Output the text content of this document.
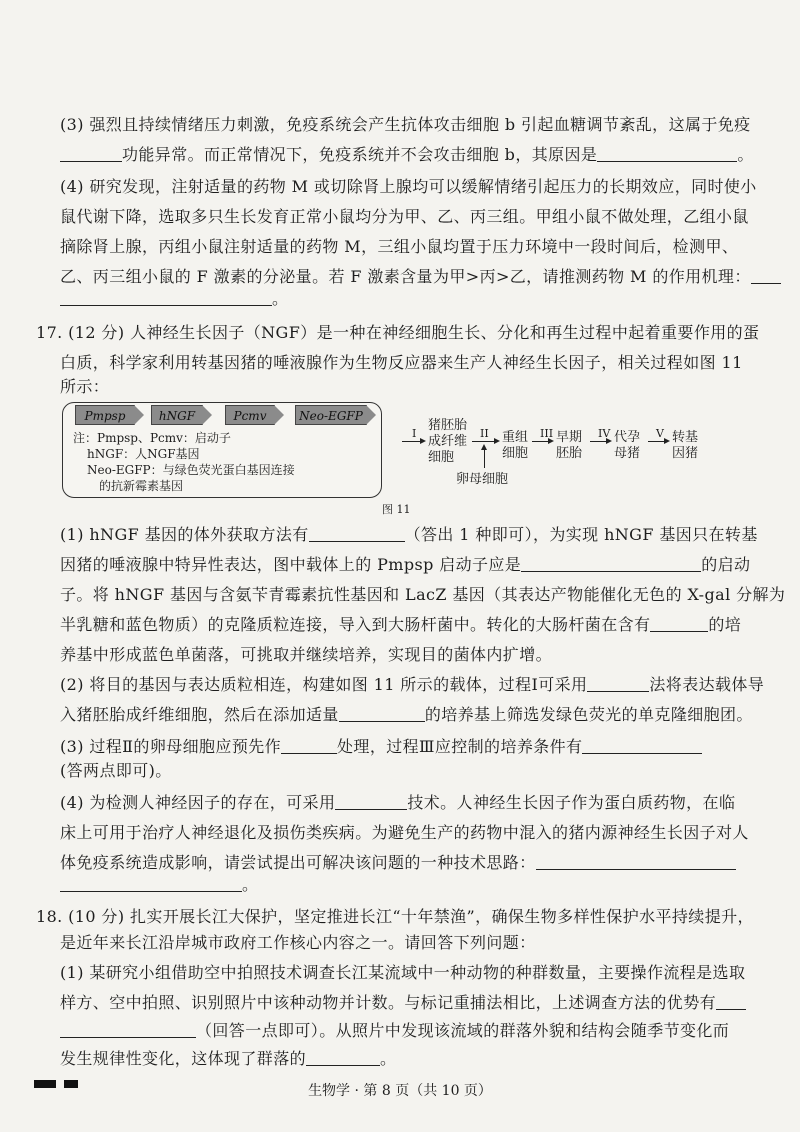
(3) 强烈且持续情绪压力刺激，免疫系统会产生抗体攻击细胞 b 引起血糖调节紊乱，这属于免疫
功能异常。而正常情况下，免疫系统并不会攻击细胞 b，其原因是	。
(4) 研究发现，注射适量的药物 M 或切除肾上腺均可以缓解情绪引起压力的长期效应，同时使小
鼠代谢下降，选取多只生长发育正常小鼠均分为甲、乙、丙三组。甲组小鼠不做处理，乙组小鼠
摘除肾上腺，丙组小鼠注射适量的药物 M，三组小鼠均置于压力环境中一段时间后，检测甲、
乙、丙三组小鼠的 F 激素的分泌量。若 F 激素含量为甲>丙>乙，请推测药物 M 的作用机理：
。
17. (12 分) 人神经生长因子（NGF）是一种在神经细胞生长、分化和再生过程中起着重要作用的蛋
白质，科学家利用转基因猪的唾液腺作为生物反应器来生产人神经生长因子，相关过程如图 11
所示：
Pmpsp	hNGF	Pcmv	Neo-EGFP
注：Pmpsp、Pcmv：启动子
hNGF：人NGF基因
Neo-EGFP：与绿色荧光蛋白基因连接
的抗新霉素基因
I
猪胚胎
成纤维
细胞
II 重组
细胞
卵母细胞
III 早期
胚胎
IV 代孕
母猪
V 转基
因猪
图 11
(1) hNGF 基因的体外获取方法有	（答出 1 种即可），为实现 hNGF 基因只在转基
因猪的唾液腺中特异性表达，图中载体上的 Pmpsp 启动子应是	的启动
子。将 hNGF 基因与含氨苄青霉素抗性基因和 LacZ 基因（其表达产物能催化无色的 X-gal 分解为
半乳糖和蓝色物质）的克隆质粒连接，导入到大肠杆菌中。转化的大肠杆菌在含有	的培
养基中形成蓝色单菌落，可挑取并继续培养，实现目的菌体内扩增。
(2) 将目的基因与表达质粒相连，构建如图 11 所示的载体，过程Ⅰ可采用	法将表达载体导
入猪胚胎成纤维细胞，然后在添加适量	的培养基上筛选发绿色荧光的单克隆细胞团。
(3) 过程Ⅱ的卵母细胞应预先作	处理，过程Ⅲ应控制的培养条件有
(答两点即可)。
(4) 为检测人神经因子的存在，可采用	技术。人神经生长因子作为蛋白质药物，在临
床上可用于治疗人神经退化及损伤类疾病。为避免生产的药物中混入的猪内源神经生长因子对人
体免疫系统造成影响，请尝试提出可解决该问题的一种技术思路：
。
18. (10 分) 扎实开展长江大保护，坚定推进长江“十年禁渔”，确保生物多样性保护水平持续提升，
是近年来长江沿岸城市政府工作核心内容之一。请回答下列问题：
(1) 某研究小组借助空中拍照技术调查长江某流域中一种动物的种群数量，主要操作流程是选取
样方、空中拍照、识别照片中该种动物并计数。与标记重捕法相比，上述调查方法的优势有
（回答一点即可）。从照片中发现该流域的群落外貌和结构会随季节变化而
发生规律性变化，这体现了群落的	。
生物学 · 第 8 页（共 10 页）
